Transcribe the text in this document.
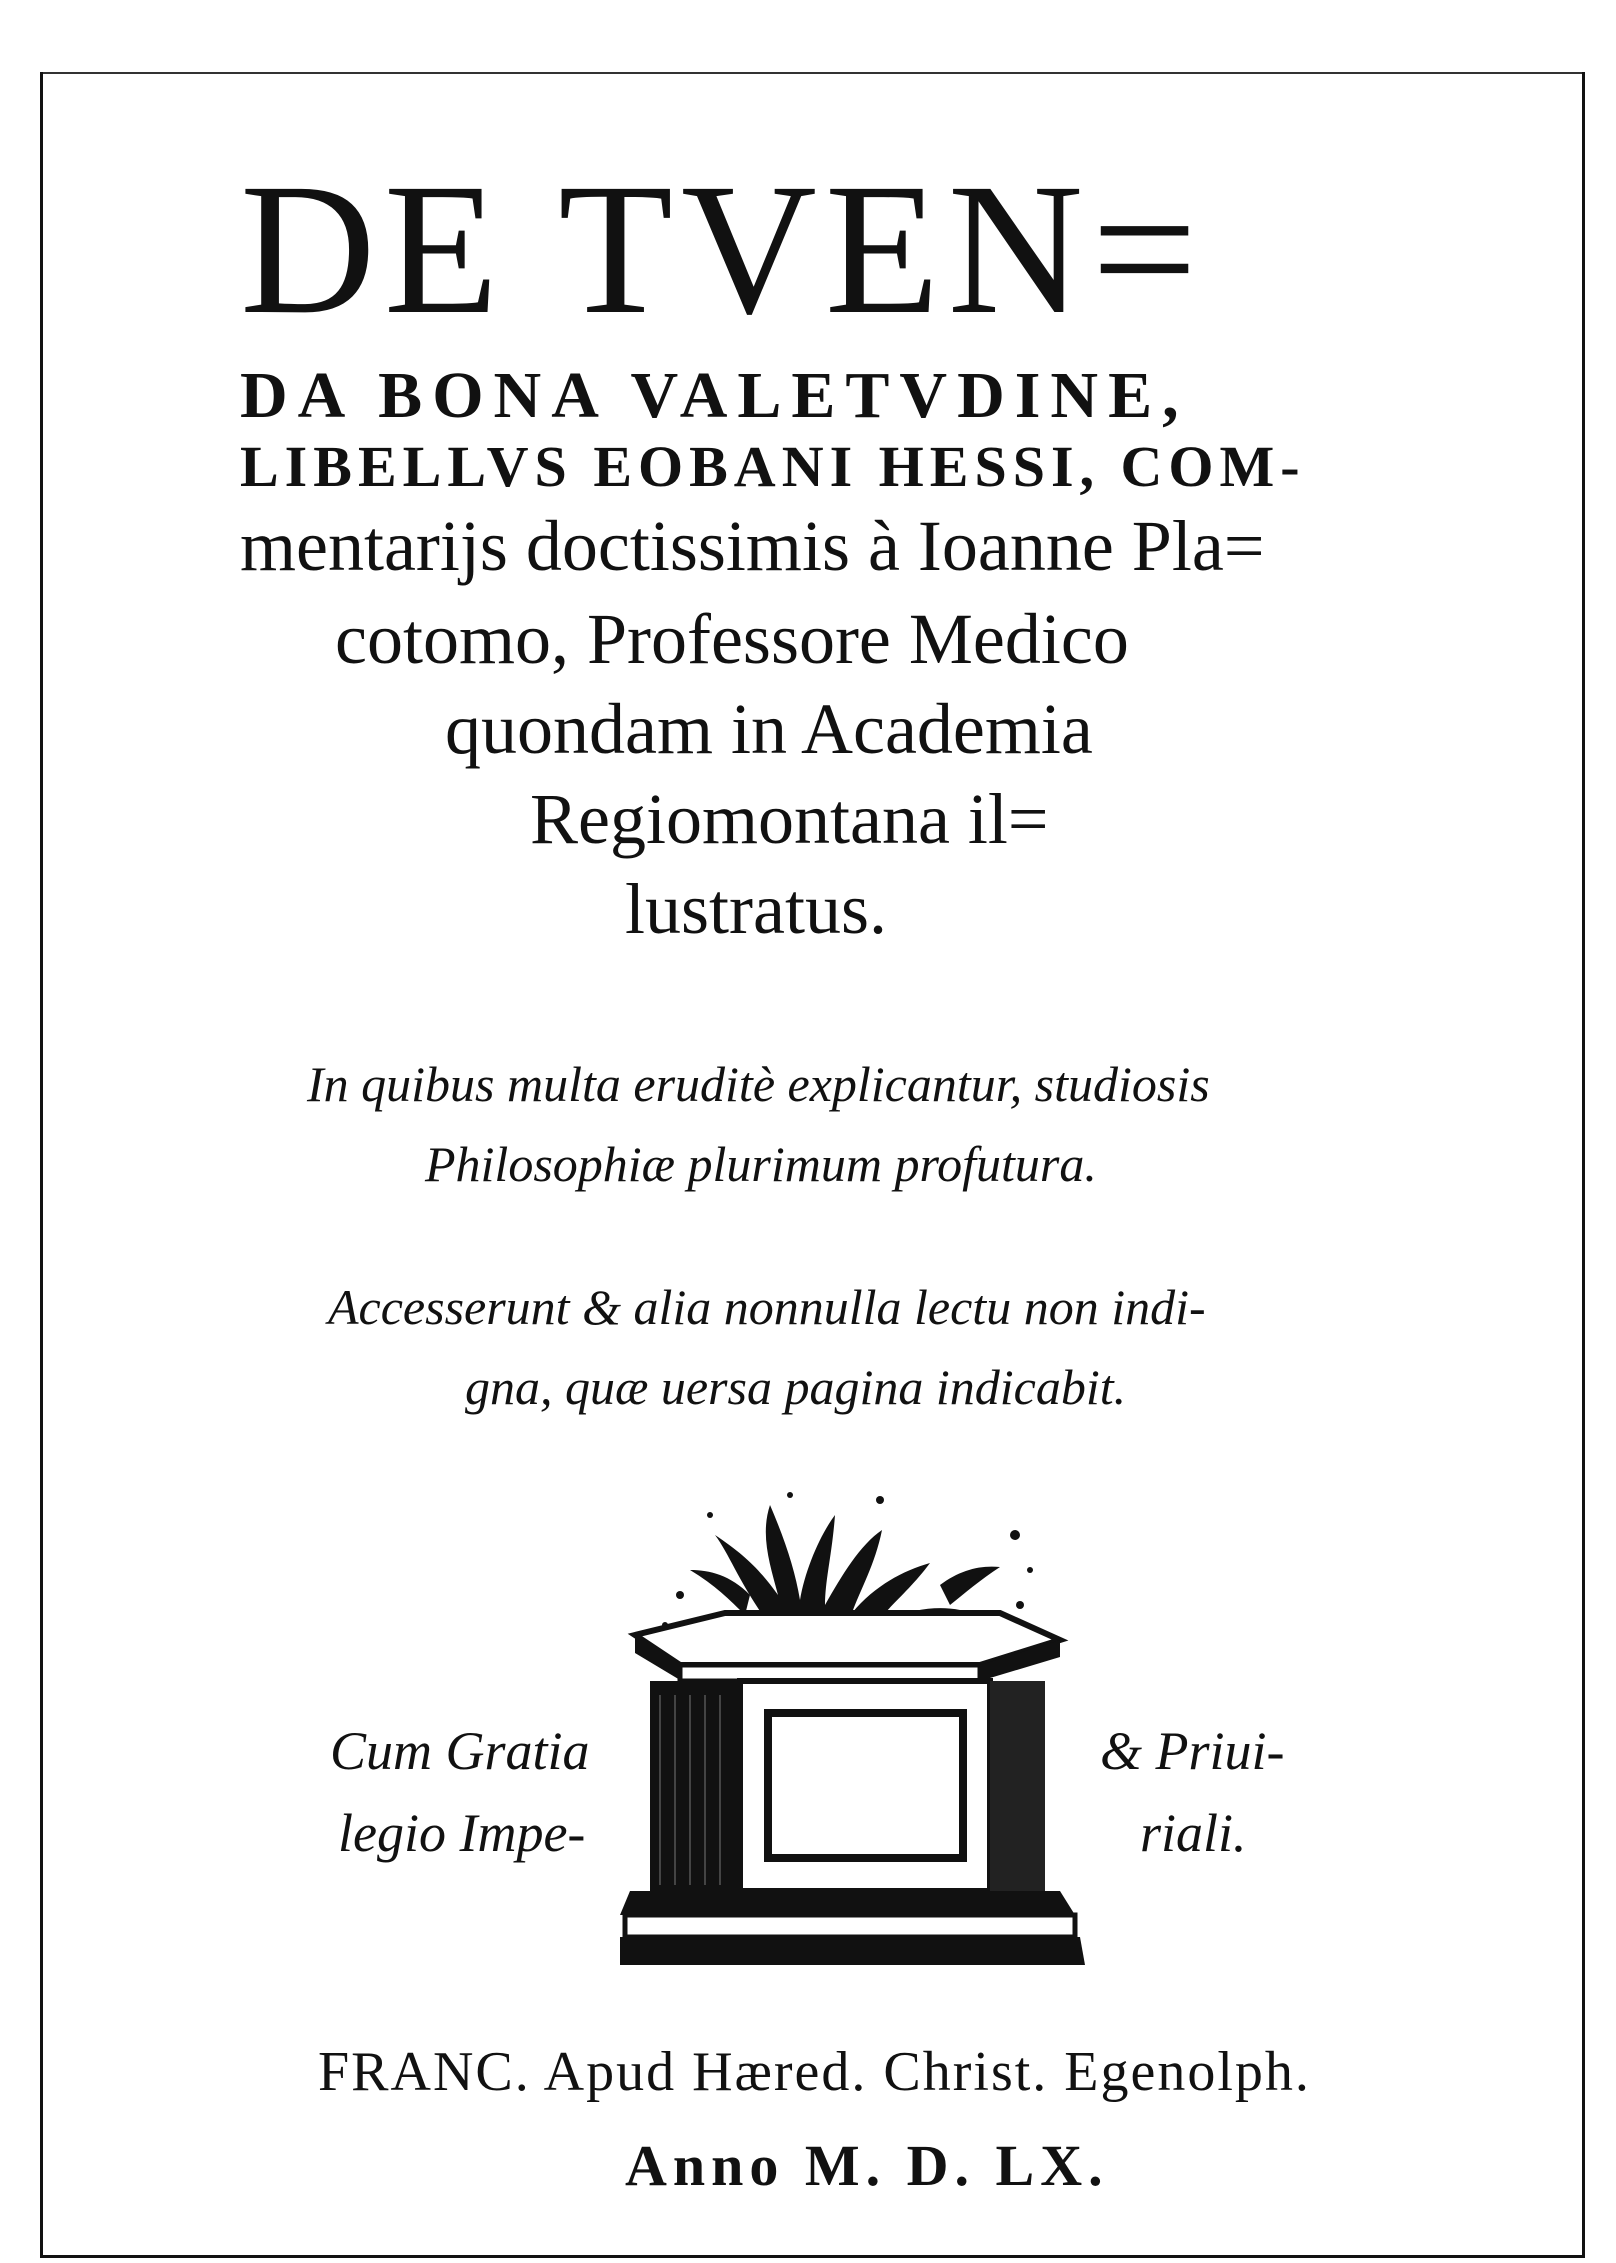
DE TVEN=
DA BONA VALETVDINE,
LIBELLVS EOBANI HESSI, COM-
mentarijs doctissimis à Ioanne Pla=
cotomo, Professore Medico
quondam in Academia
Regiomontana il=
lustratus.
In quibus multa eruditè explicantur, studiosis
Philosophiæ plurimum profutura.
Accesserunt & alia nonnulla lectu non indi-
gna, quæ uersa pagina indicabit.
Cum Gratia
legio Impe-
& Priui-
riali.
FRANC. Apud Hæred. Christ. Egenolph.
Anno M. D. LX.
